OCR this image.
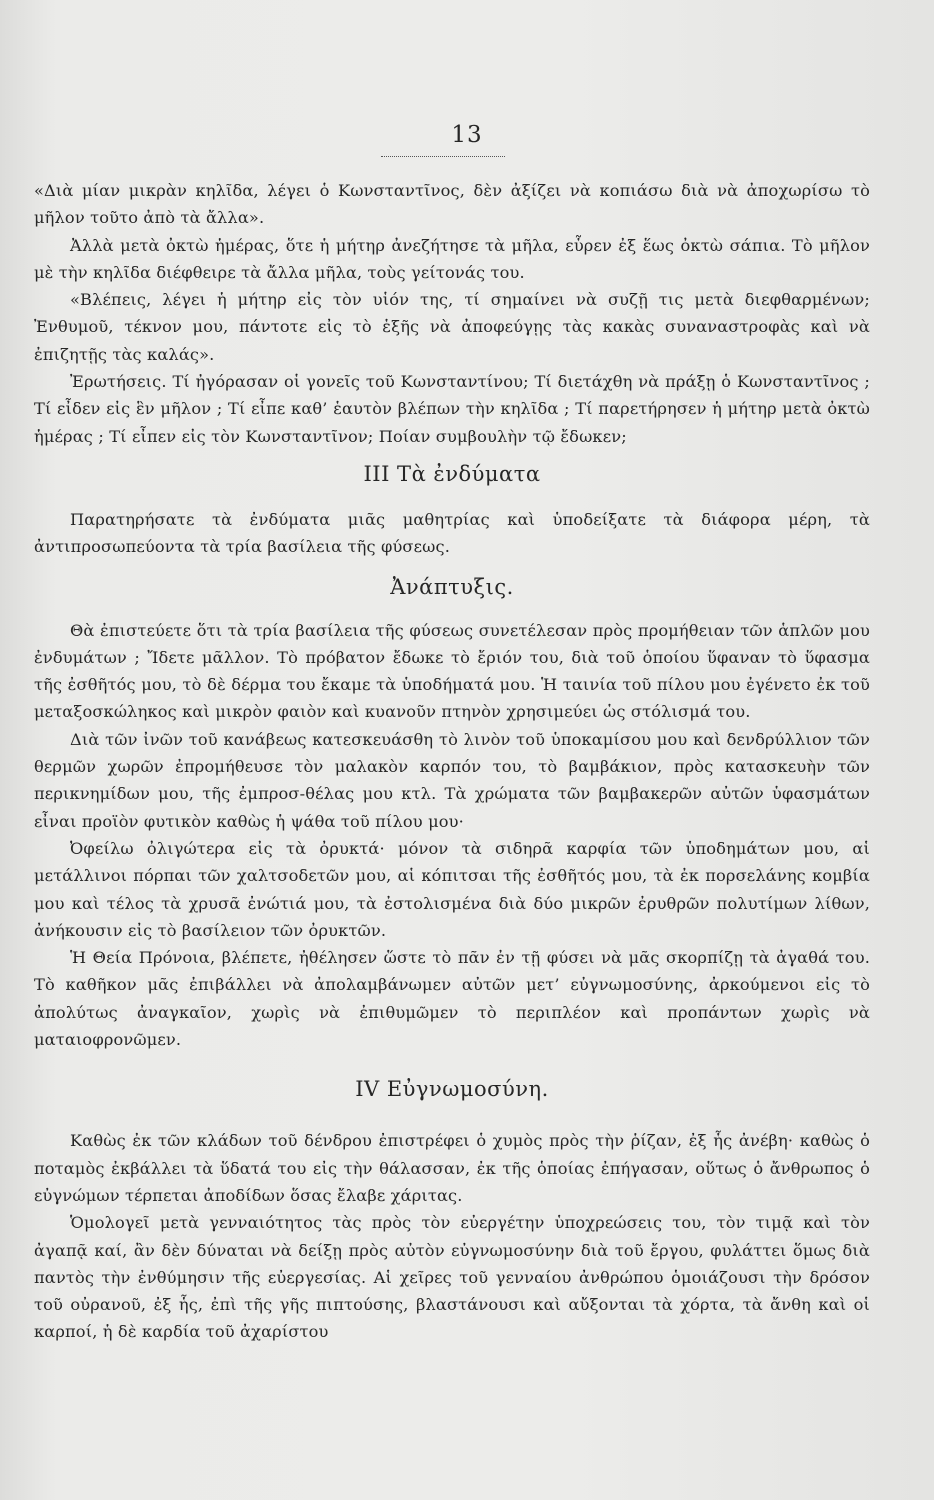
13

«Διὰ μίαν μικρὰν κηλῖδα, λέγει ὁ Κωνσταντῖνος, δὲν ἀξίζει νὰ κοπιάσω διὰ νὰ ἀποχωρίσω τὸ μῆλον τοῦτο ἀπὸ τὰ ἄλλα».

Ἀλλὰ μετὰ ὀκτὼ ἡμέρας, ὅτε ἡ μήτηρ ἀνεζήτησε τὰ μῆλα, εὗρεν ἐξ ἕως ὀκτὼ σάπια. Τὸ μῆλον μὲ τὴν κηλῖδα διέφθειρε τὰ ἄλλα μῆλα, τοὺς γείτονάς του.

«Βλέπεις, λέγει ἡ μήτηρ εἰς τὸν υἱόν της, τί σημαίνει νὰ συζῇ τις μετὰ διεφθαρμένων; Ἐνθυμοῦ, τέκνον μου, πάντοτε εἰς τὸ ἑξῆς νὰ ἀποφεύγῃς τὰς κακὰς συναναστροφὰς καὶ νὰ ἐπιζητῇς τὰς καλάς».

Ἐρωτήσεις. Τί ἠγόρασαν οἱ γονεῖς τοῦ Κωνσταντίνου; Τί διετάχθη νὰ πράξῃ ὁ Κωνσταντῖνος ; Τί εἶδεν εἰς ἓν μῆλον ; Τί εἶπε καθ’ ἑαυτὸν βλέπων τὴν κηλῖδα ; Τί παρετήρησεν ἡ μήτηρ μετὰ ὀκτὼ ἡμέρας ; Τί εἶπεν εἰς τὸν Κωνσταντῖνον; Ποίαν συμβουλὴν τῷ ἔδωκεν;

III Τὰ ἐνδύματα

Παρατηρήσατε τὰ ἐνδύματα μιᾶς μαθητρίας καὶ ὑποδείξατε τὰ διάφορα μέρη, τὰ ἀντιπροσωπεύοντα τὰ τρία βασίλεια τῆς φύσεως.

Ἀνάπτυξις.

Θὰ ἐπιστεύετε ὅτι τὰ τρία βασίλεια τῆς φύσεως συνετέλεσαν πρὸς προμήθειαν τῶν ἁπλῶν μου ἐνδυμάτων ; Ἴδετε μᾶλλον. Τὸ πρόβατον ἔδωκε τὸ ἔριόν του, διὰ τοῦ ὁποίου ὕφαναν τὸ ὕφασμα τῆς ἐσθῆτός μου, τὸ δὲ δέρμα του ἔκαμε τὰ ὑποδήματά μου. Ἡ ταινία τοῦ πίλου μου ἐγένετο ἐκ τοῦ μεταξοσκώληκος καὶ μικρὸν φαιὸν καὶ κυανοῦν πτηνὸν χρησιμεύει ὡς στόλισμά του.

Διὰ τῶν ἰνῶν τοῦ κανάβεως κατεσκευάσθη τὸ λινὸν τοῦ ὑποκαμίσου μου καὶ δενδρύλλιον τῶν θερμῶν χωρῶν ἐπρομήθευσε τὸν μαλακὸν καρπόν του, τὸ βαμβάκιον, πρὸς κατασκευὴν τῶν περικνημίδων μου, τῆς ἐμπροσ-θέλας μου κτλ. Τὰ χρώματα τῶν βαμβακερῶν αὐτῶν ὑφασμάτων εἶναι προϊὸν φυτικὸν καθὼς ἡ ψάθα τοῦ πίλου μου·

Ὀφείλω ὀλιγώτερα εἰς τὰ ὀρυκτά· μόνον τὰ σιδηρᾶ καρφία τῶν ὑποδημάτων μου, αἱ μετάλλινοι πόρπαι τῶν χαλτσοδετῶν μου, αἱ κόπιτσαι τῆς ἐσθῆτός μου, τὰ ἐκ πορσελάνης κομβία μου καὶ τέλος τὰ χρυσᾶ ἐνώτιά μου, τὰ ἐστολισμένα διὰ δύο μικρῶν ἐρυθρῶν πολυτίμων λίθων, ἀνήκουσιν εἰς τὸ βασίλειον τῶν ὀρυκτῶν.

Ἡ Θεία Πρόνοια, βλέπετε, ἠθέλησεν ὥστε τὸ πᾶν ἐν τῇ φύσει νὰ μᾶς σκορπίζῃ τὰ ἀγαθά του. Τὸ καθῆκον μᾶς ἐπιβάλλει νὰ ἀπολαμβάνωμεν αὐτῶν μετ’ εὐγνωμοσύνης, ἀρκούμενοι εἰς τὸ ἀπολύτως ἀναγκαῖον, χωρὶς νὰ ἐπιθυμῶμεν τὸ περιπλέον καὶ προπάντων χωρὶς νὰ ματαιοφρονῶμεν.

IV Εὐγνωμοσύνη.

Καθὼς ἐκ τῶν κλάδων τοῦ δένδρου ἐπιστρέφει ὁ χυμὸς πρὸς τὴν ῥίζαν, ἐξ ἧς ἀνέβη· καθὼς ὁ ποταμὸς ἐκβάλλει τὰ ὕδατά του εἰς τὴν θάλασσαν, ἐκ τῆς ὁποίας ἐπήγασαν, οὕτως ὁ ἄνθρωπος ὁ εὐγνώμων τέρπεται ἀποδίδων ὅσας ἔλαβε χάριτας.

Ὁμολογεῖ μετὰ γενναιότητος τὰς πρὸς τὸν εὐεργέτην ὑποχρεώσεις του, τὸν τιμᾷ καὶ τὸν ἀγαπᾷ καί, ἂν δὲν δύναται νὰ δείξῃ πρὸς αὐτὸν εὐγνωμοσύνην διὰ τοῦ ἔργου, φυλάττει ὅμως διὰ παντὸς τὴν ἐνθύμησιν τῆς εὐεργεσίας. Αἱ χεῖρες τοῦ γενναίου ἀνθρώπου ὁμοιάζουσι τὴν δρόσον τοῦ οὐρανοῦ, ἐξ ἧς, ἐπὶ τῆς γῆς πιπτούσης, βλαστάνουσι καὶ αὔξονται τὰ χόρτα, τὰ ἄνθη καὶ οἱ καρποί, ἡ δὲ καρδία τοῦ ἀχαρίστου
